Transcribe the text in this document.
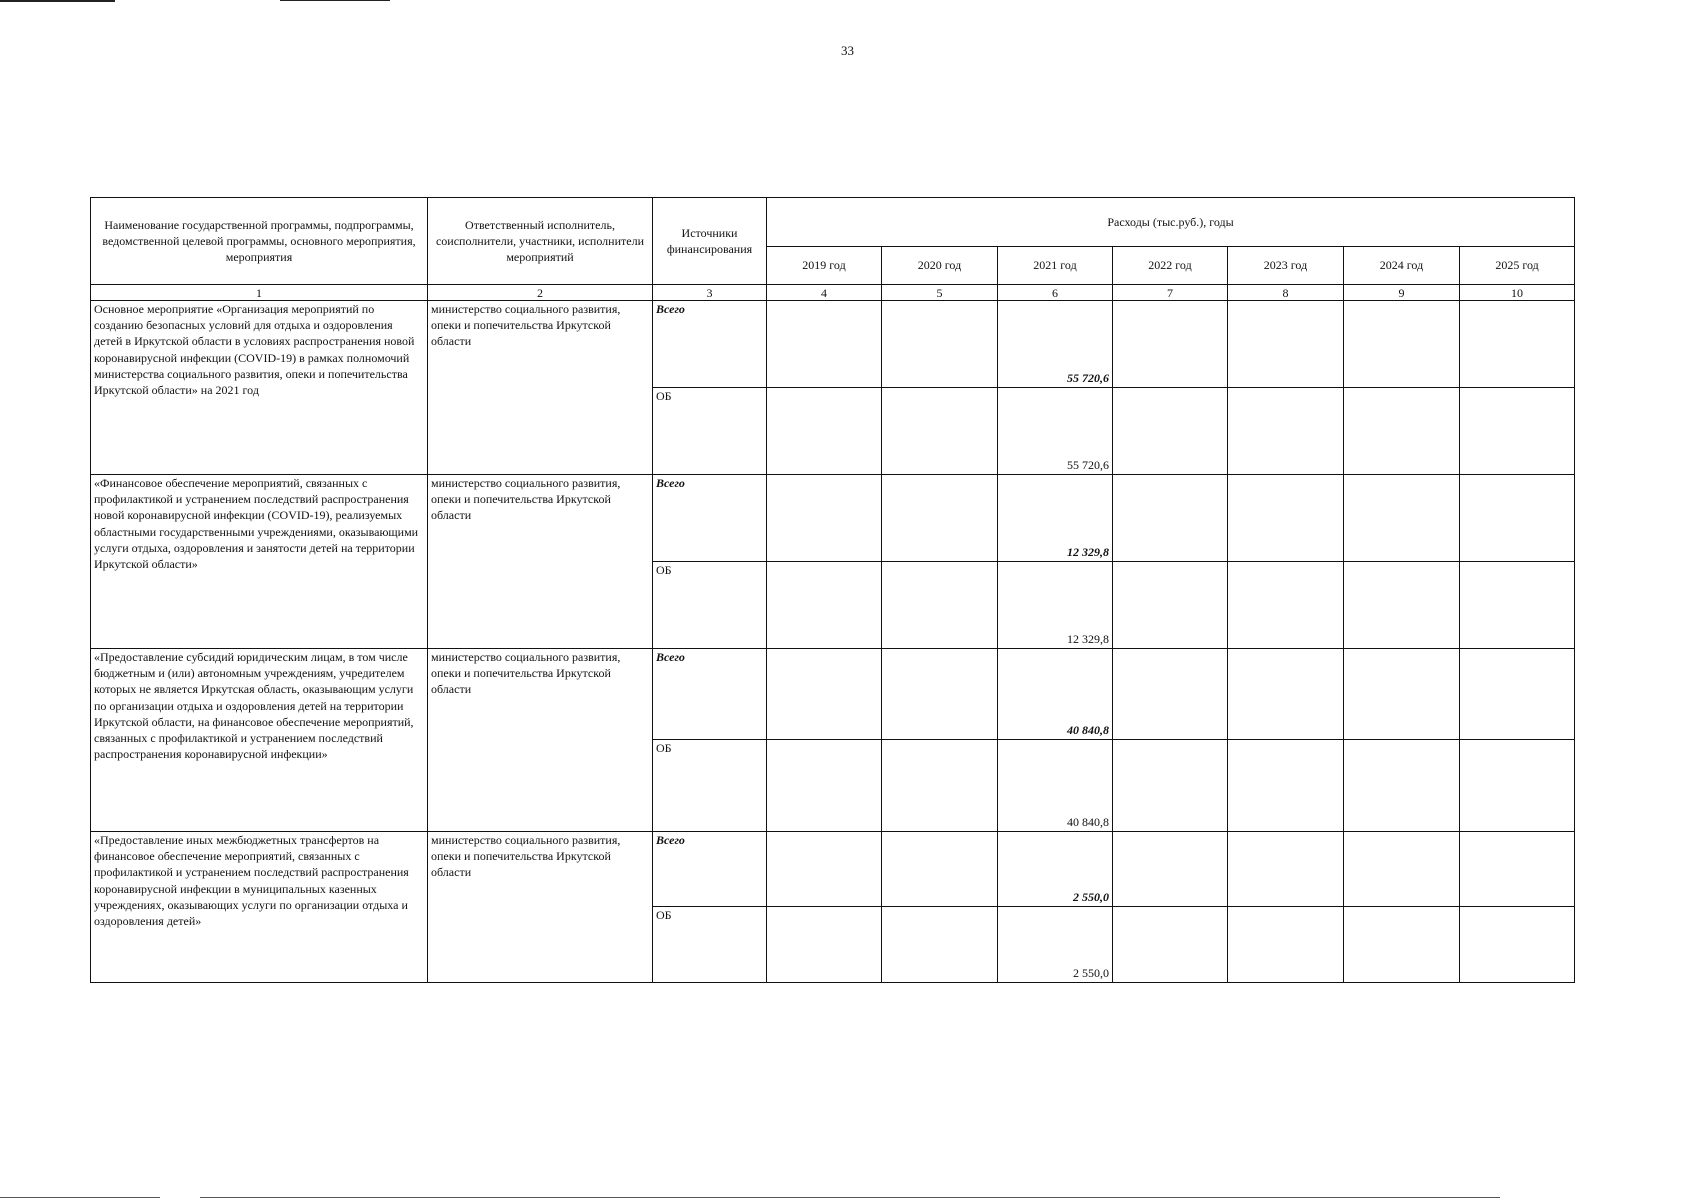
33
Наименование государственной программы, подпрограммы, ведомственной целевой программы, основного мероприятия, мероприятия	Ответственный исполнитель, соисполнители, участники, исполнители мероприятий	Источники финансирования	Расходы (тыс.руб.), годы						
			2019 год	2020 год	2021 год	2022 год	2023 год	2024 год	2025 год
1	2	3	4	5	6	7	8	9	10
Основное мероприятие «Организация мероприятий по созданию безопасных условий для отдыха и оздоровления детей в Иркутской области в условиях распространения новой коронавирусной инфекции (COVID-19) в рамках полномочий министерства социального развития, опеки и попечительства Иркутской области» на 2021 год	министерство социального развития, опеки и попечительства Иркутской области	Всего			55 720,6				
		ОБ			55 720,6				
«Финансовое обеспечение мероприятий, связанных с профилактикой и устранением последствий распространения новой коронавирусной инфекции (COVID-19), реализуемых областными государственными учреждениями, оказывающими услуги отдыха, оздоровления и занятости детей на территории Иркутской области»	министерство социального развития, опеки и попечительства Иркутской области	Всего			12 329,8				
		ОБ			12 329,8				
«Предоставление субсидий юридическим лицам, в том числе бюджетным и (или) автономным учреждениям, учредителем которых не является Иркутская область, оказывающим услуги по организации отдыха и оздоровления детей на территории Иркутской области, на финансовое обеспечение мероприятий, связанных с профилактикой и устранением последствий распространения коронавирусной инфекции»	министерство социального развития, опеки и попечительства Иркутской области	Всего			40 840,8				
		ОБ			40 840,8				
«Предоставление иных межбюджетных трансфертов на финансовое обеспечение мероприятий, связанных с профилактикой и устранением последствий распространения коронавирусной инфекции в муниципальных казенных учреждениях, оказывающих услуги по организации отдыха и оздоровления детей»	министерство социального развития, опеки и попечительства Иркутской области	Всего			2 550,0				
		ОБ			2 550,0				
